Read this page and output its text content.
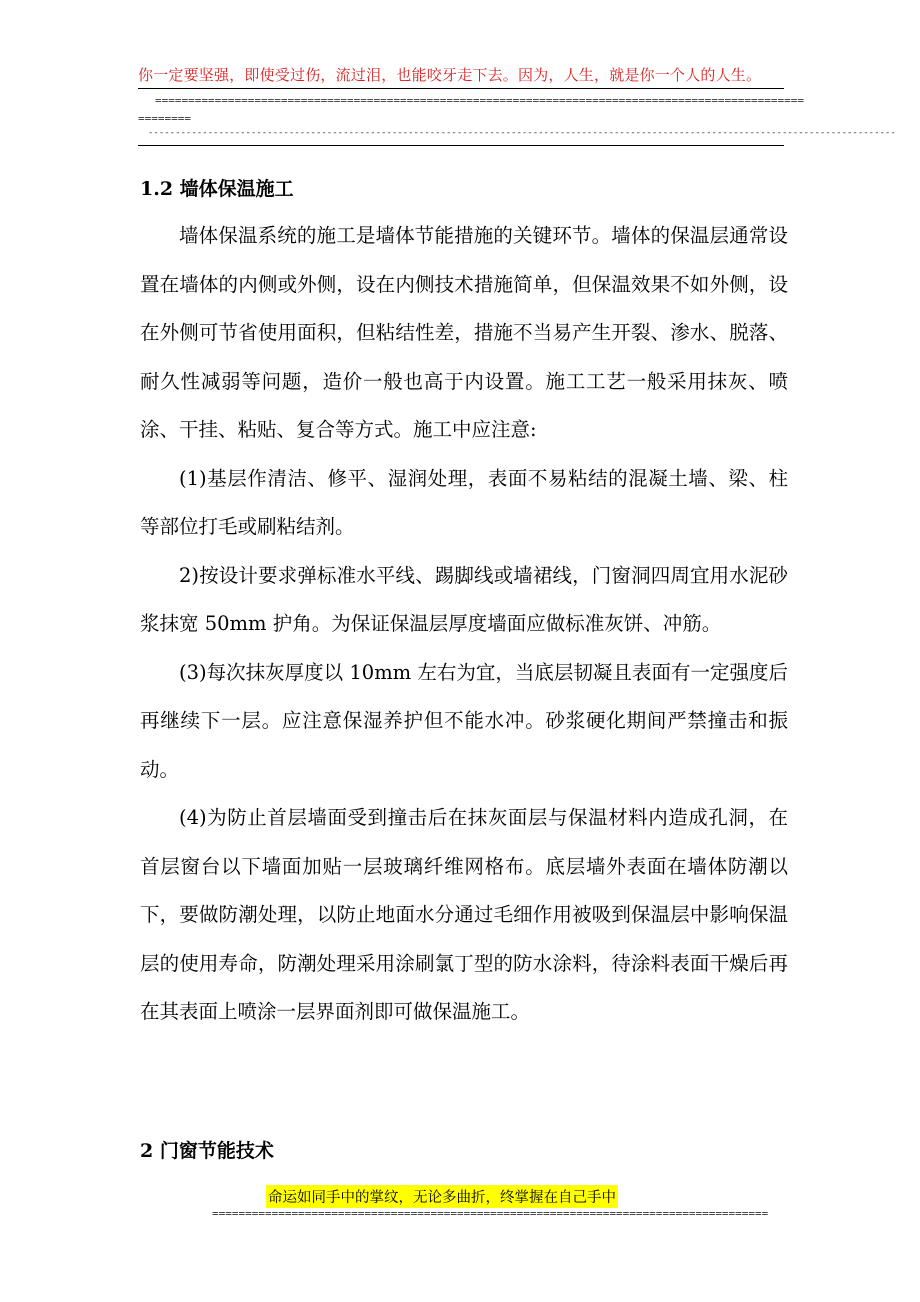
你一定要坚强，即使受过伤，流过泪，也能咬牙走下去。因为，人生，就是你一个人的人生。
==================================================================================================
========
------------------------------------------------------------------------------------------------------------------------------------------
1.2 墙体保温施工

墙体保温系统的施工是墙体节能措施的关键环节。墙体的保温层通常设置在墙体的内侧或外侧，设在内侧技术措施简单，但保温效果不如外侧，设在外侧可节省使用面积，但粘结性差，措施不当易产生开裂、渗水、脱落、耐久性减弱等问题，造价一般也高于内设置。施工工艺一般采用抹灰、喷涂、干挂、粘贴、复合等方式。施工中应注意:

(1)基层作清洁、修平、湿润处理，表面不易粘结的混凝土墙、梁、柱等部位打毛或刷粘结剂。

2)按设计要求弹标准水平线、踢脚线或墙裙线，门窗洞四周宜用水泥砂浆抹宽 50mm 护角。为保证保温层厚度墙面应做标准灰饼、冲筋。

(3)每次抹灰厚度以 10mm 左右为宜，当底层韧凝且表面有一定强度后再继续下一层。应注意保湿养护但不能水冲。砂浆硬化期间严禁撞击和振动。

(4)为防止首层墙面受到撞击后在抹灰面层与保温材料内造成孔洞，在首层窗台以下墙面加贴一层玻璃纤维网格布。底层墙外表面在墙体防潮以下，要做防潮处理，以防止地面水分通过毛细作用被吸到保温层中影响保温层的使用寿命，防潮处理采用涂刷氯丁型的防水涂料，待涂料表面干燥后再在其表面上喷涂一层界面剂即可做保温施工。

2 门窗节能技术
命运如同手中的掌纹，无论多曲折，终掌握在自己手中
====================================================================================
